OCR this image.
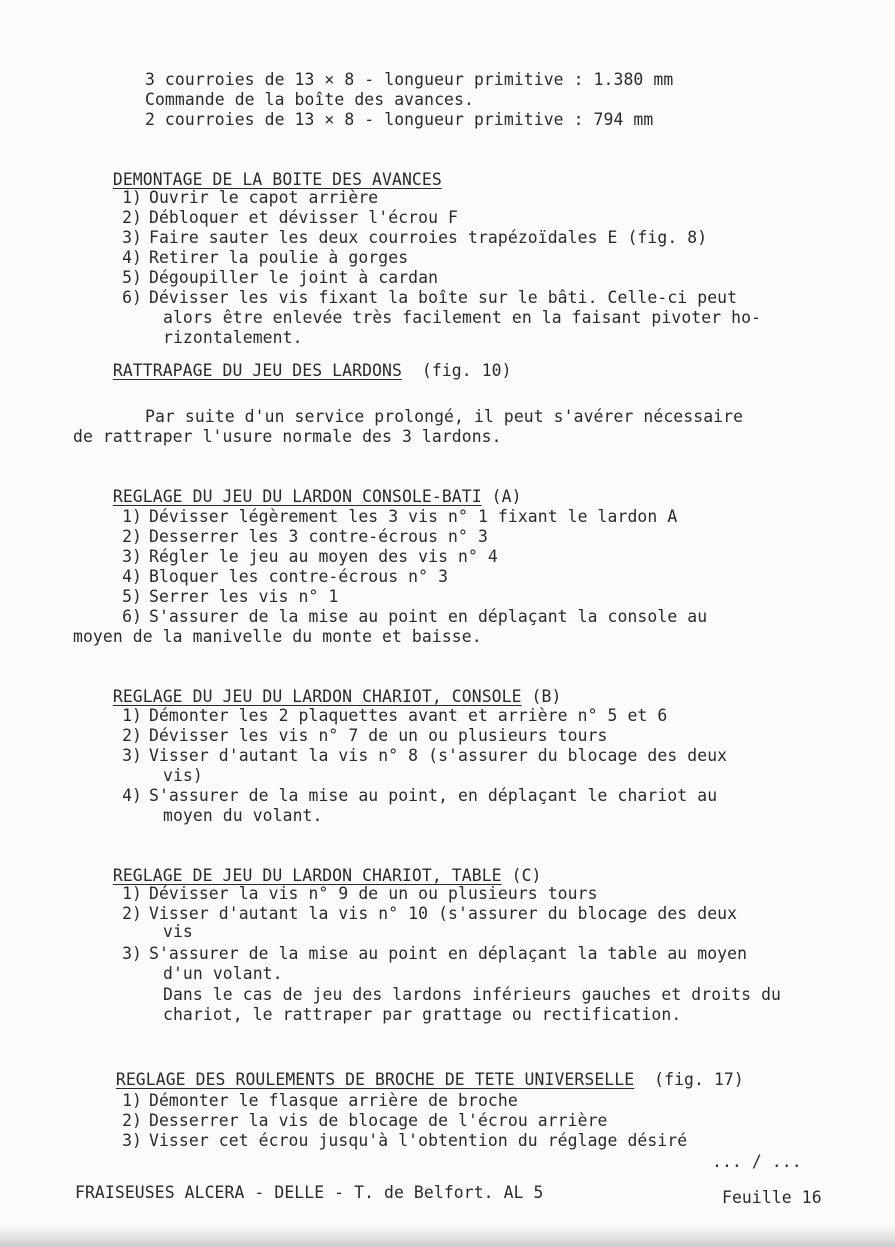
3 courroies de 13 × 8 - longueur primitive : 1.380 mm
Commande de la boîte des avances.
2 courroies de 13 × 8 - longueur primitive : 794 mm

DEMONTAGE DE LA BOITE DES AVANCES

1) Ouvrir le capot arrière
2) Débloquer et dévisser l'écrou F
3) Faire sauter les deux courroies trapézoïdales E (fig. 8)
4) Retirer la poulie à gorges
5) Dégoupiller le joint à cardan
6) Dévisser les vis fixant la boîte sur le bâti. Celle-ci peut
alors être enlevée très facilement en la faisant pivoter ho-
rizontalement.

RATTRAPAGE DU JEU DES LARDONS (fig. 10)

Par suite d'un service prolongé, il peut s'avérer nécessaire
de rattraper l'usure normale des 3 lardons.

REGLAGE DU JEU DU LARDON CONSOLE-BATI (A)

1) Dévisser légèrement les 3 vis n° 1 fixant le lardon A
2) Desserrer les 3 contre-écrous n° 3
3) Régler le jeu au moyen des vis n° 4
4) Bloquer les contre-écrous n° 3
5) Serrer les vis n° 1
6) S'assurer de la mise au point en déplaçant la console au
moyen de la manivelle du monte et baisse.

REGLAGE DU JEU DU LARDON CHARIOT, CONSOLE (B)

1) Démonter les 2 plaquettes avant et arrière n° 5 et 6
2) Dévisser les vis n° 7 de un ou plusieurs tours
3) Visser d'autant la vis n° 8 (s'assurer du blocage des deux
vis)
4) S'assurer de la mise au point, en déplaçant le chariot au
moyen du volant.

REGLAGE DE JEU DU LARDON CHARIOT, TABLE (C)

1) Dévisser la vis n° 9 de un ou plusieurs tours
2) Visser d'autant la vis n° 10 (s'assurer du blocage des deux
vis
3) S'assurer de la mise au point en déplaçant la table au moyen
d'un volant.
Dans le cas de jeu des lardons inférieurs gauches et droits du
chariot, le rattraper par grattage ou rectification.

REGLAGE DES ROULEMENTS DE BROCHE DE TETE UNIVERSELLE (fig. 17)

1) Démonter le flasque arrière de broche
2) Desserrer la vis de blocage de l'écrou arrière
3) Visser cet écrou jusqu'à l'obtention du réglage désiré
... / ...
FRAISEUSES ALCERA - DELLE - T. de Belfort. AL 5	Feuille 16
